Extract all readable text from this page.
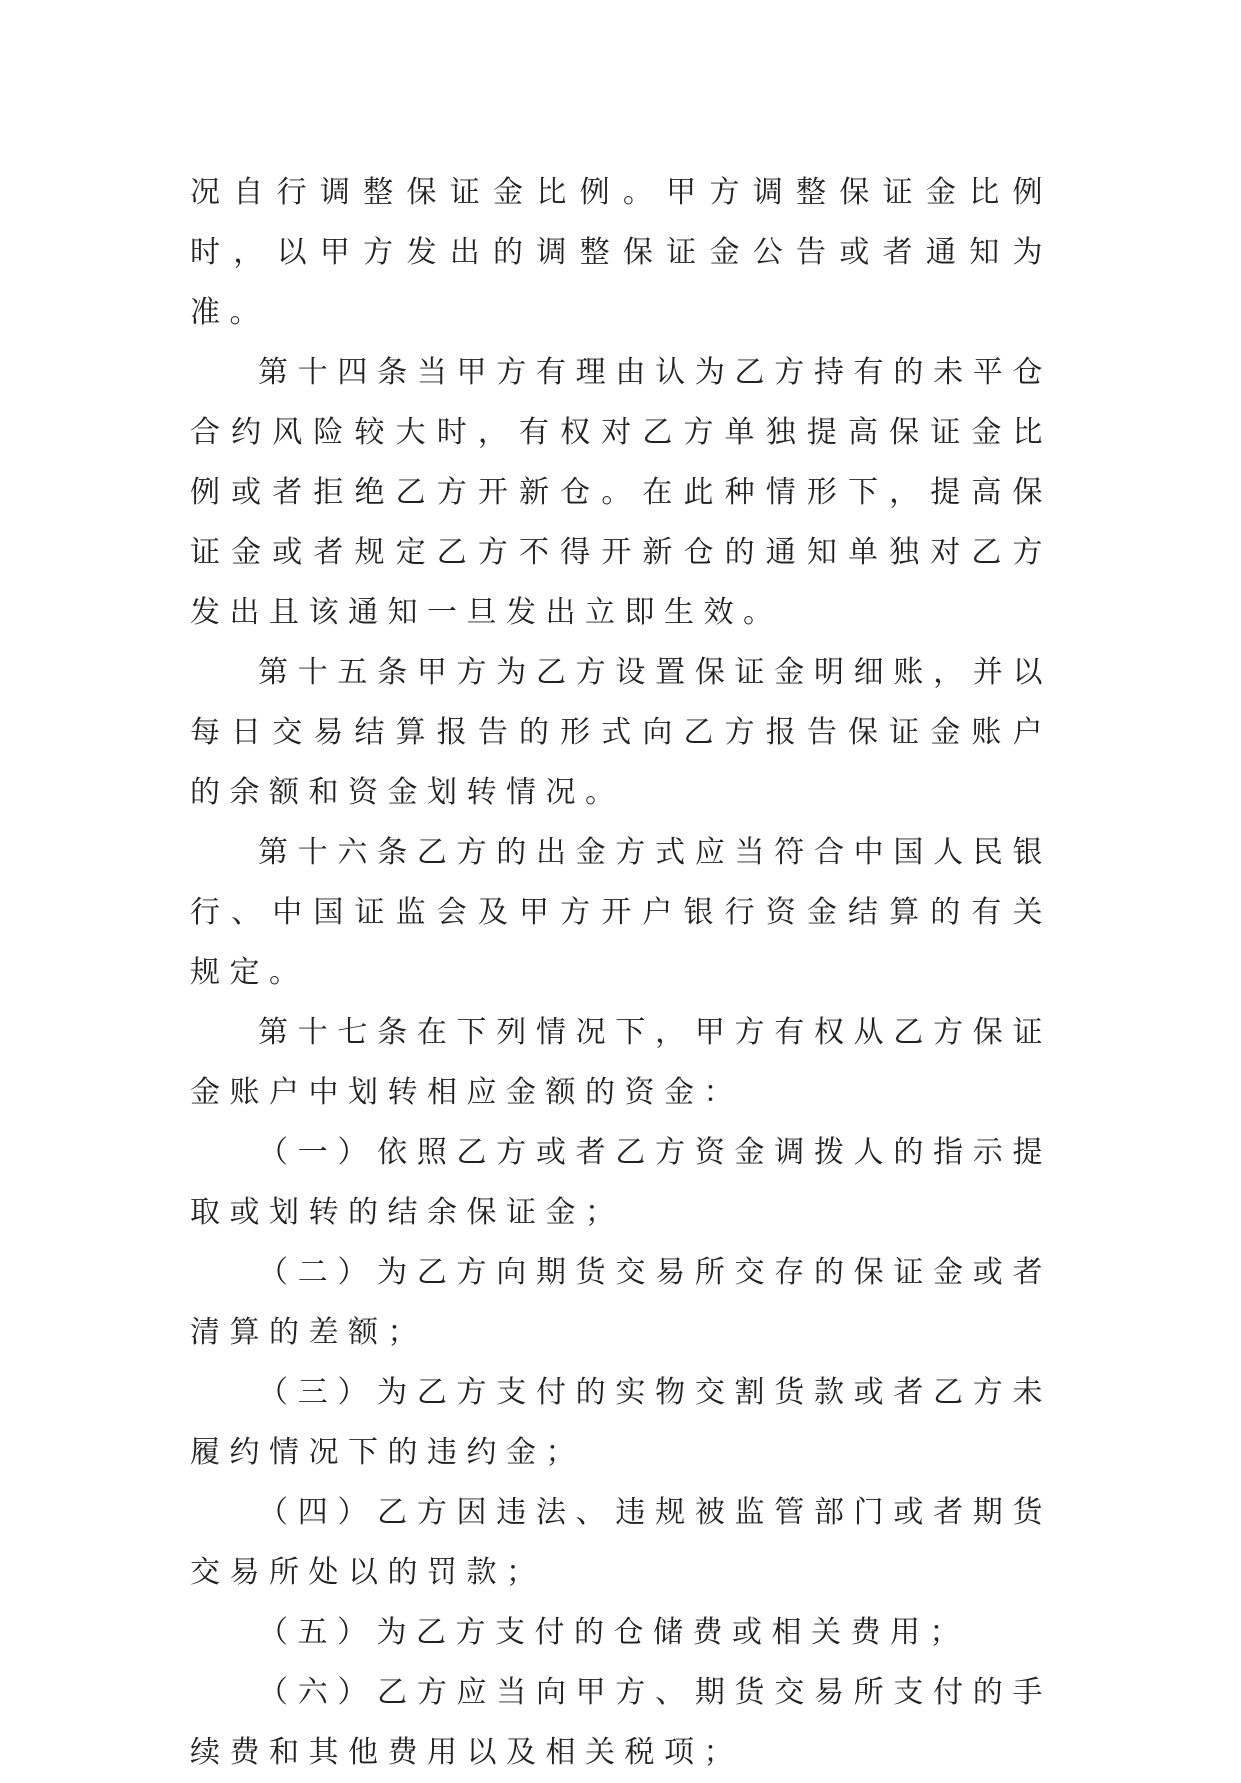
况自行调整保证金比例。甲方调整保证金比例时，以甲方发出的调整保证金公告或者通知为准。

第十四条当甲方有理由认为乙方持有的未平仓合约风险较大时，有权对乙方单独提高保证金比例或者拒绝乙方开新仓。在此种情形下，提高保证金或者规定乙方不得开新仓的通知单独对乙方发出且该通知一旦发出立即生效。

第十五条甲方为乙方设置保证金明细账，并以每日交易结算报告的形式向乙方报告保证金账户的余额和资金划转情况。

第十六条乙方的出金方式应当符合中国人民银行、中国证监会及甲方开户银行资金结算的有关规定。

第十七条在下列情况下，甲方有权从乙方保证金账户中划转相应金额的资金：

（一）依照乙方或者乙方资金调拨人的指示提取或划转的结余保证金；

（二）为乙方向期货交易所交存的保证金或者清算的差额；

（三）为乙方支付的实物交割货款或者乙方未履约情况下的违约金；

（四）乙方因违法、违规被监管部门或者期货交易所处以的罚款；

（五）为乙方支付的仓储费或相关费用；

（六）乙方应当向甲方、期货交易所支付的手续费和其他费用以及相关税项；
